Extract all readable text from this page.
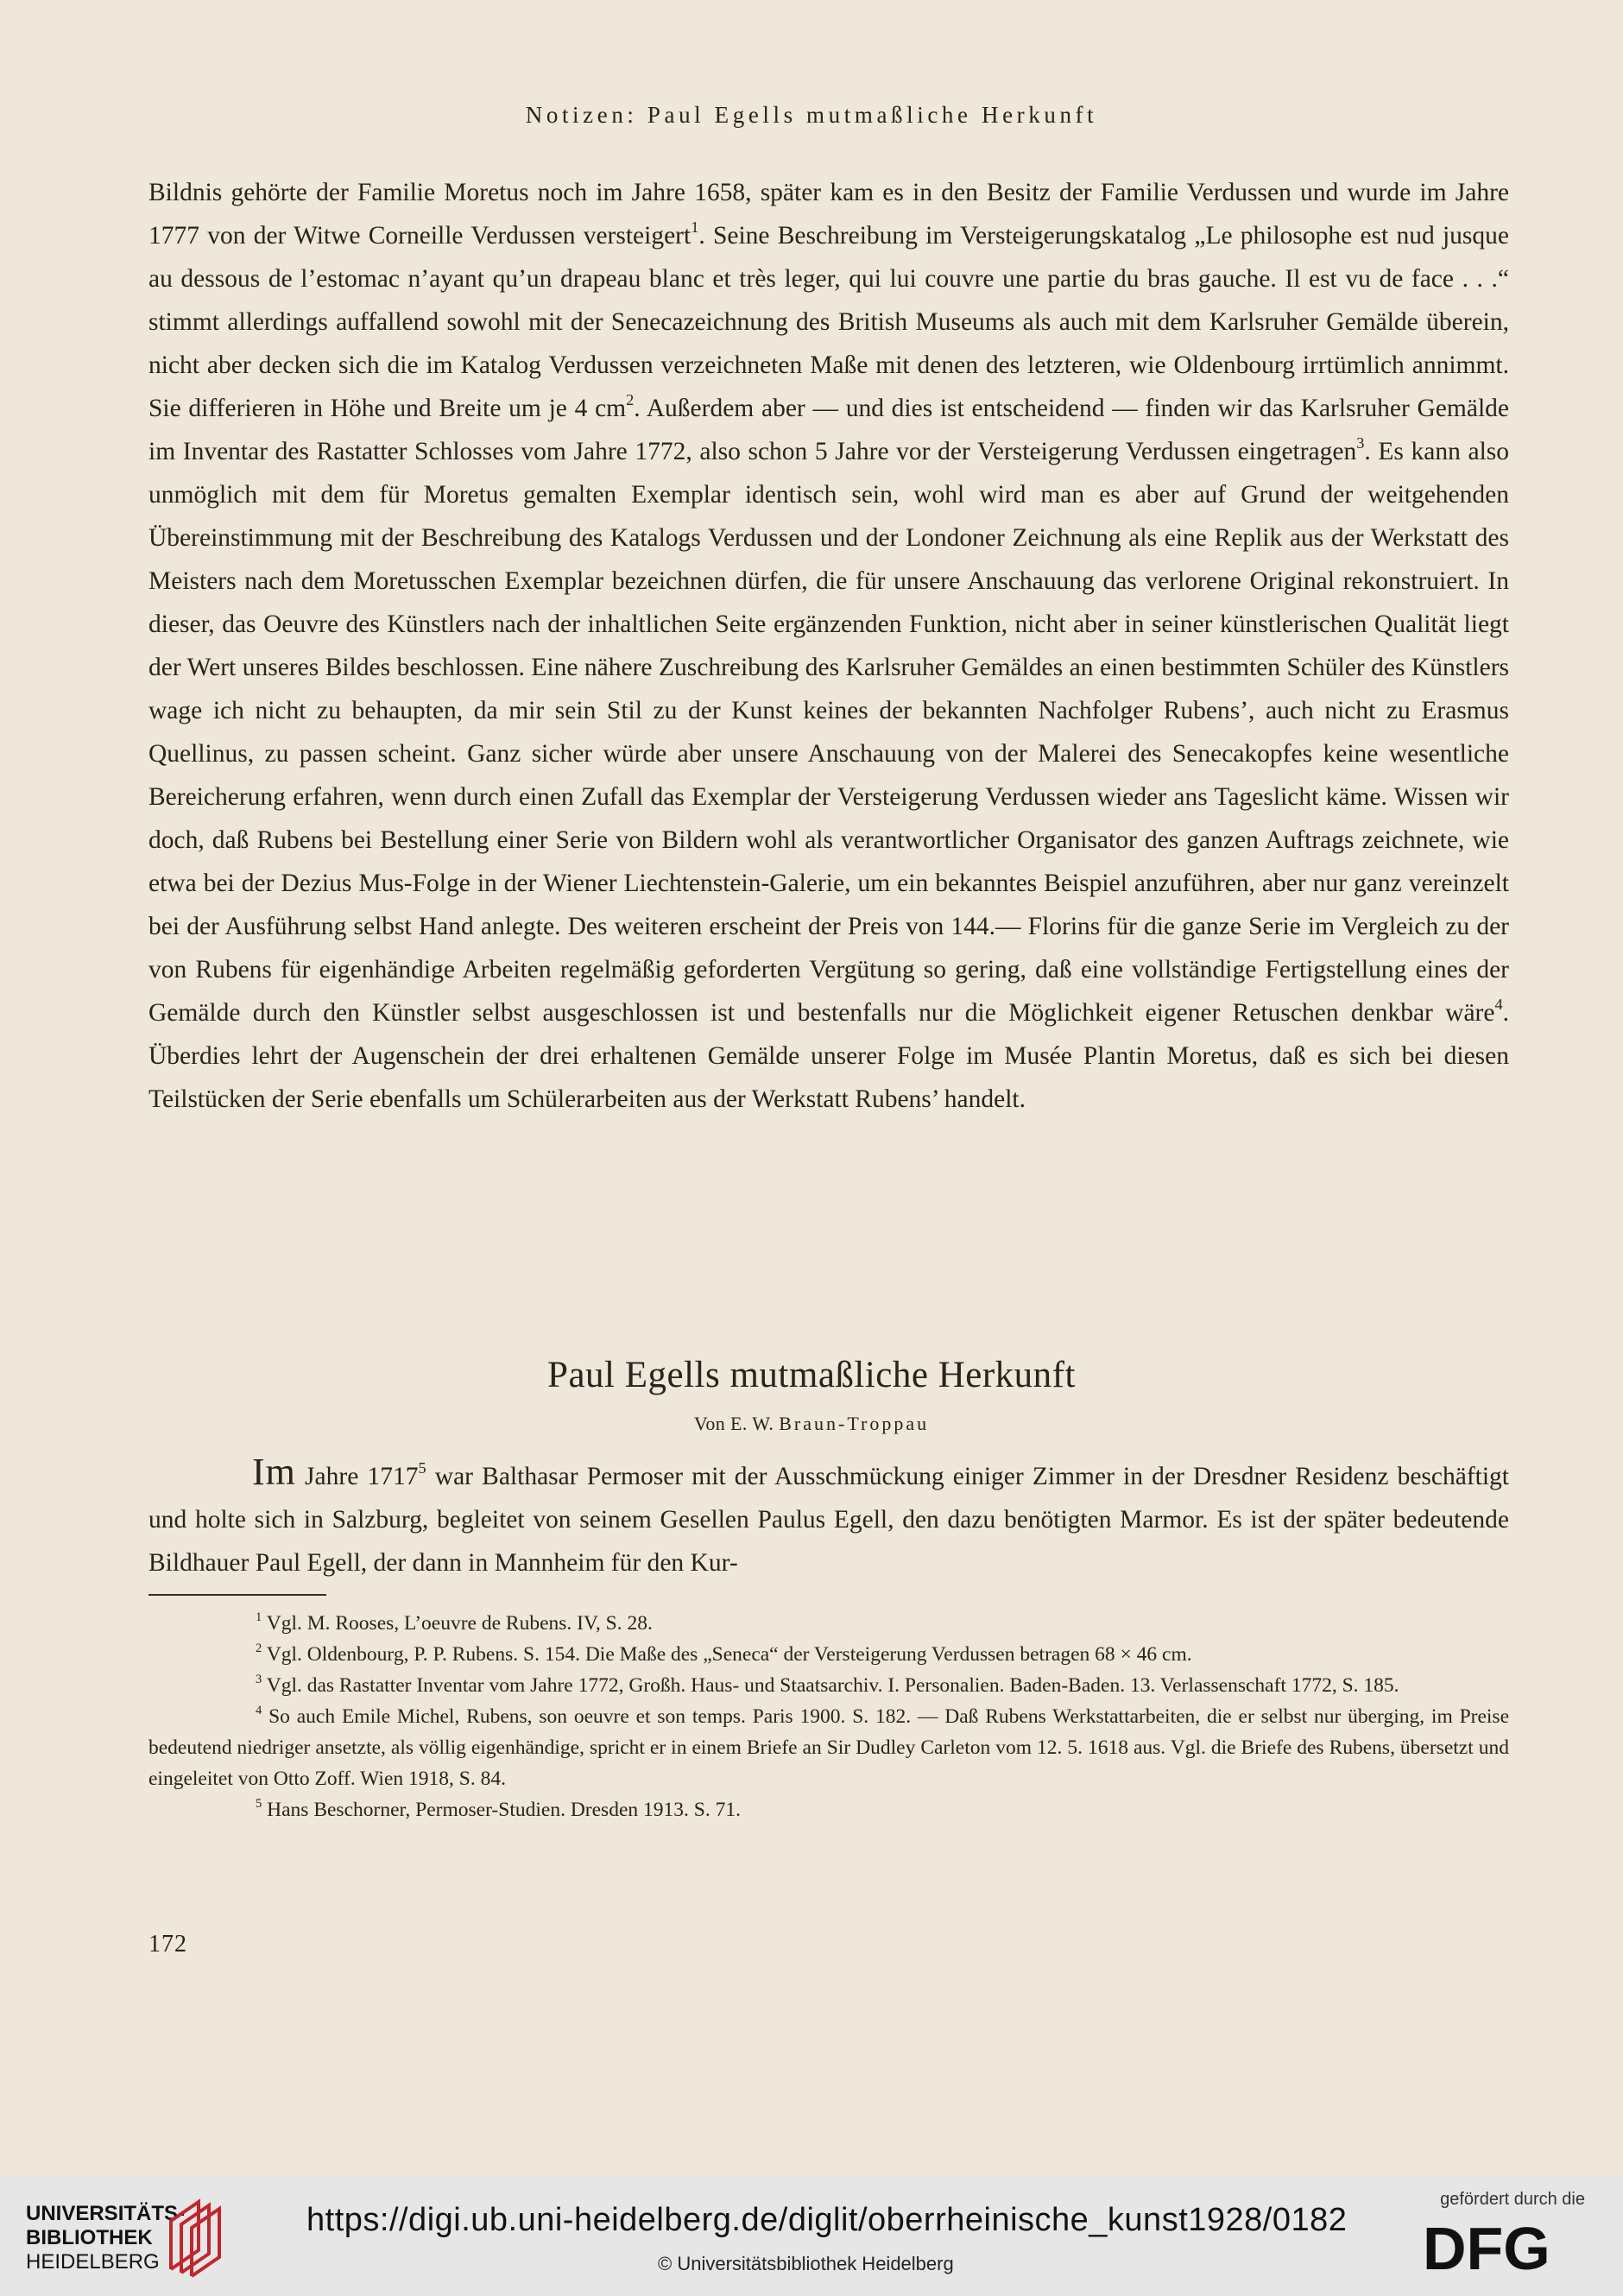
Notizen: Paul Egells mutmaßliche Herkunft

Bildnis gehörte der Familie Moretus noch im Jahre 1658, später kam es in den Besitz der Familie Verdussen und wurde im Jahre 1777 von der Witwe Corneille Verdussen versteigert$^1$. Seine Beschreibung im Versteigerungskatalog „Le philosophe est nud jusque au dessous de l’estomac n’ayant qu’un drapeau blanc et très leger, qui lui couvre une partie du bras gauche. Il est vu de face . . .“ stimmt allerdings auffallend sowohl mit der Senecazeichnung des British Museums als auch mit dem Karlsruher Gemälde überein, nicht aber decken sich die im Katalog Verdussen verzeichneten Maße mit denen des letzteren, wie Oldenbourg irrtümlich annimmt. Sie differieren in Höhe und Breite um je 4 $cm^2$. Außerdem aber — und dies ist entscheidend — finden wir das Karlsruher Gemälde im Inventar des Rastatter Schlosses vom Jahre 1772, also schon 5 Jahre vor der Versteigerung Verdussen eingetragen$^3$. Es kann also unmöglich mit dem für Moretus gemalten Exemplar identisch sein, wohl wird man es aber auf Grund der weitgehenden Übereinstimmung mit der Beschreibung des Katalogs Verdussen und der Londoner Zeichnung als eine Replik aus der Werkstatt des Meisters nach dem Moretusschen Exemplar bezeichnen dürfen, die für unsere Anschauung das verlorene Original rekonstruiert. In dieser, das Oeuvre des Künstlers nach der inhaltlichen Seite ergänzenden Funktion, nicht aber in seiner künstlerischen Qualität liegt der Wert unseres Bildes beschlossen. Eine nähere Zuschreibung des Karlsruher Gemäldes an einen bestimmten Schüler des Künstlers wage ich nicht zu behaupten, da mir sein Stil zu der Kunst keines der bekannten Nachfolger Rubens’, auch nicht zu Erasmus Quellinus, zu passen scheint. Ganz sicher würde aber unsere Anschauung von der Malerei des Senecakopfes keine wesentliche Bereicherung erfahren, wenn durch einen Zufall das Exemplar der Versteigerung Verdussen wieder ans Tageslicht käme. Wissen wir doch, daß Rubens bei Bestellung einer Serie von Bildern wohl als verantwortlicher Organisator des ganzen Auftrags zeichnete, wie etwa bei der Dezius Mus-Folge in der Wiener Liechtenstein-Galerie, um ein bekanntes Beispiel anzuführen, aber nur ganz vereinzelt bei der Ausführung selbst Hand anlegte. Des weiteren erscheint der Preis von 144.— Florins für die ganze Serie im Vergleich zu der von Rubens für eigenhändige Arbeiten regelmäßig geforderten Vergütung so gering, daß eine vollständige Fertigstellung eines der Gemälde durch den Künstler selbst ausgeschlossen ist und bestenfalls nur die Möglichkeit eigener Retuschen denkbar wäre$^4$. Überdies lehrt der Augenschein der drei erhaltenen Gemälde unserer Folge im Musée Plantin Moretus, daß es sich bei diesen Teilstücken der Serie ebenfalls um Schülerarbeiten aus der Werkstatt Rubens’ handelt.

Paul Egells mutmaßliche Herkunft
Von E. W. Braun-Troppau

Im Jahre 1717$^5$ war Balthasar Permoser mit der Ausschmückung einiger Zimmer in der Dresdner Residenz beschäftigt und holte sich in Salzburg, begleitet von seinem Gesellen Paulus Egell, den dazu benötigten Marmor. Es ist der später bedeutende Bildhauer Paul Egell, der dann in Mannheim für den Kur-

$^1$ Vgl. M. Rooses, L’oeuvre de Rubens. IV, S. 28.

$^2$ Vgl. Oldenbourg, P. P. Rubens. S. 154. Die Maße des „Seneca“ der Versteigerung Verdussen betragen 68 × 46 cm.

$^3$ Vgl. das Rastatter Inventar vom Jahre 1772, Großh. Haus- und Staatsarchiv. I. Personalien. Baden-Baden. 13. Verlassenschaft 1772, S. 185.

$^4$ So auch Emile Michel, Rubens, son oeuvre et son temps. Paris 1900. S. 182. — Daß Rubens Werkstattarbeiten, die er selbst nur überging, im Preise bedeutend niedriger ansetzte, als völlig eigenhändige, spricht er in einem Briefe an Sir Dudley Carleton vom 12. 5. 1618 aus. Vgl. die Briefe des Rubens, übersetzt und eingeleitet von Otto Zoff. Wien 1918, S. 84.

$^5$ Hans Beschorner, Permoser-Studien. Dresden 1913. S. 71.

172
UNIVERSITÄTS-
BIBLIOTHEK
HEIDELBERG
https://digi.ub.uni-heidelberg.de/diglit/oberrheinische_kunst1928/0182
© Universitätsbibliothek Heidelberg
gefördert durch die
DFG
